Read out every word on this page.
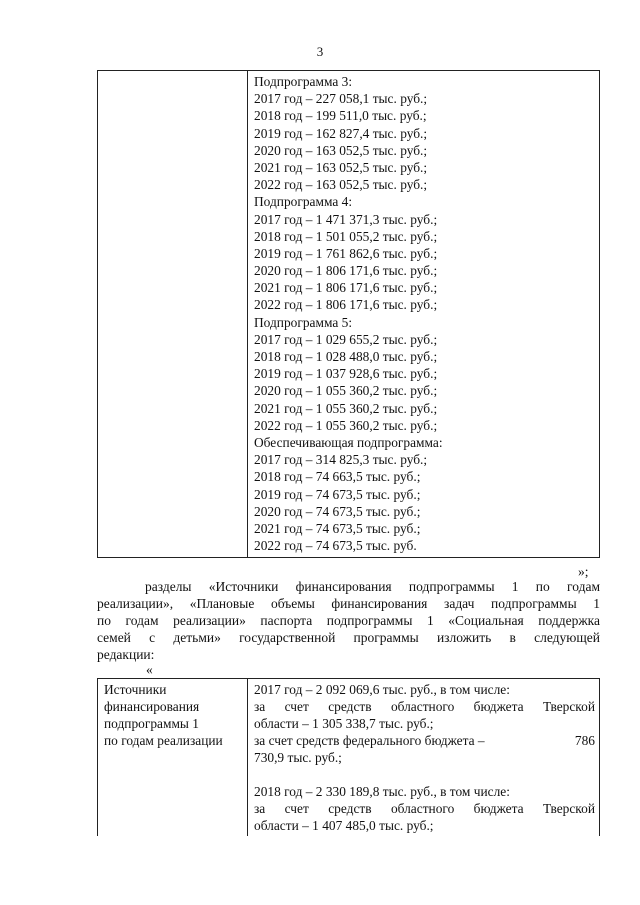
3
Подпрограмма 3:
2017 год – 227 058,1 тыс. руб.;
2018 год – 199 511,0 тыс. руб.;
2019 год – 162 827,4 тыс. руб.;
2020 год – 163 052,5 тыс. руб.;
2021 год – 163 052,5 тыс. руб.;
2022 год – 163 052,5 тыс. руб.;
Подпрограмма 4:
2017 год – 1 471 371,3 тыс. руб.;
2018 год – 1 501 055,2 тыс. руб.;
2019 год – 1 761 862,6 тыс. руб.;
2020 год – 1 806 171,6 тыс. руб.;
2021 год – 1 806 171,6 тыс. руб.;
2022 год – 1 806 171,6 тыс. руб.;
Подпрограмма 5:
2017 год – 1 029 655,2 тыс. руб.;
2018 год – 1 028 488,0 тыс. руб.;
2019 год – 1 037 928,6 тыс. руб.;
2020 год – 1 055 360,2 тыс. руб.;
2021 год – 1 055 360,2 тыс. руб.;
2022 год – 1 055 360,2 тыс. руб.;
Обеспечивающая подпрограмма:
2017 год – 314 825,3 тыс. руб.;
2018 год – 74 663,5 тыс. руб.;
2019 год – 74 673,5 тыс. руб.;
2020 год – 74 673,5 тыс. руб.;
2021 год – 74 673,5 тыс. руб.;
2022 год – 74 673,5 тыс. руб.
»;
разделы «Источники финансирования подпрограммы 1 по годам
реализации», «Плановые объемы финансирования задач подпрограммы 1
по годам реализации» паспорта подпрограммы 1 «Социальная поддержка
семей с детьми» государственной программы изложить в следующей
редакции:
«
Источники
финансирования
подпрограммы 1
по годам реализации
2017 год – 2 092 069,6 тыс. руб., в том числе:
за счет средств областного бюджета Тверской
области – 1 305 338,7 тыс. руб.;
за счет средств федерального бюджета –	786
730,9 тыс. руб.;
2018 год – 2 330 189,8 тыс. руб., в том числе:
за счет средств областного бюджета Тверской
области – 1 407 485,0 тыс. руб.;
